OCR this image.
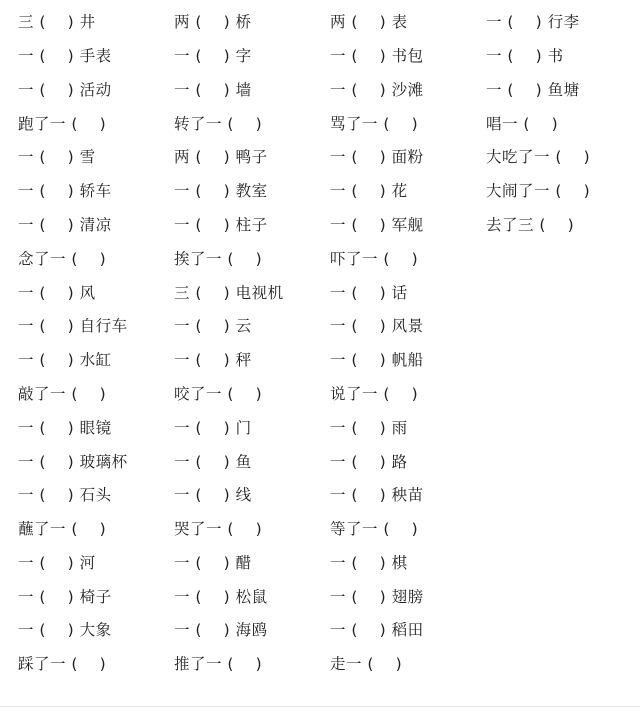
三 (    ) 井	两 (    ) 桥	两 (    ) 表	一 (    ) 行李
一 (    ) 手表	一 (    ) 字	一 (    ) 书包	一 (    ) 书
一 (    ) 活动	一 (    ) 墙	一 (    ) 沙滩	一 (    ) 鱼塘
跑了一 (    )	转了一 (    )	骂了一 (    )	唱一 (    )
一 (    ) 雪	两 (    ) 鸭子	一 (    ) 面粉	大吃了一 (    )
一 (    ) 轿车	一 (    ) 教室	一 (    ) 花	大闹了一 (    )
一 (    ) 清凉	一 (    ) 柱子	一 (    ) 军舰	去了三 (    )
念了一 (    )	挨了一 (    )	吓了一 (    )
一 (    ) 风	三 (    ) 电视机	一 (    ) 话
一 (    ) 自行车	一 (    ) 云	一 (    ) 风景
一 (    ) 水缸	一 (    ) 秤	一 (    ) 帆船
敲了一 (    )	咬了一 (    )	说了一 (    )
一 (    ) 眼镜	一 (    ) 门	一 (    ) 雨
一 (    ) 玻璃杯	一 (    ) 鱼	一 (    ) 路
一 (    ) 石头	一 (    ) 线	一 (    ) 秧苗
蘸了一 (    )	哭了一 (    )	等了一 (    )
一 (    ) 河	一 (    ) 醋	一 (    ) 棋
一 (    ) 椅子	一 (    ) 松鼠	一 (    ) 翅膀
一 (    ) 大象	一 (    ) 海鸥	一 (    ) 稻田
踩了一 (    )	推了一 (    )	走一 (    )
